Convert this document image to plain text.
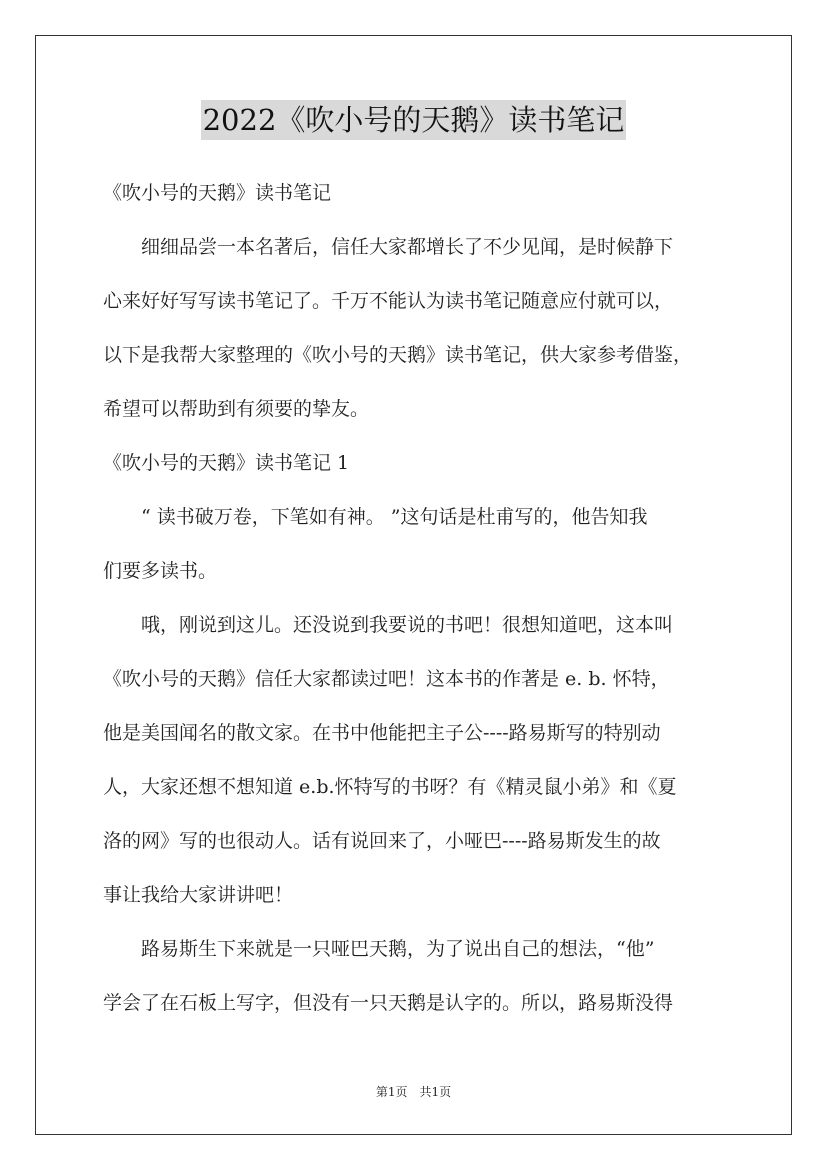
2022《吹小号的天鹅》读书笔记
《吹小号的天鹅》读书笔记
　　细细品尝一本名著后，信任大家都增长了不少见闻，是时候静下
心来好好写写读书笔记了。千万不能认为读书笔记随意应付就可以，
以下是我帮大家整理的《吹小号的天鹅》读书笔记，供大家参考借鉴，
希望可以帮助到有须要的挚友。
《吹小号的天鹅》读书笔记 1
　　“ 读书破万卷，下笔如有神。 ”这句话是杜甫写的，他告知我
们要多读书。
　　哦，刚说到这儿。还没说到我要说的书吧！很想知道吧，这本叫
《吹小号的天鹅》信任大家都读过吧！这本书的作著是 e. b. 怀特，
他是美国闻名的散文家。在书中他能把主子公----路易斯写的特别动
人，大家还想不想知道 e.b.怀特写的书呀？有《精灵鼠小弟》和《夏
洛的网》写的也很动人。话有说回来了，小哑巴----路易斯发生的故
事让我给大家讲讲吧！
　　路易斯生下来就是一只哑巴天鹅，为了说出自己的想法，“他”
学会了在石板上写字，但没有一只天鹅是认字的。所以，路易斯没得
第1页　共1页
